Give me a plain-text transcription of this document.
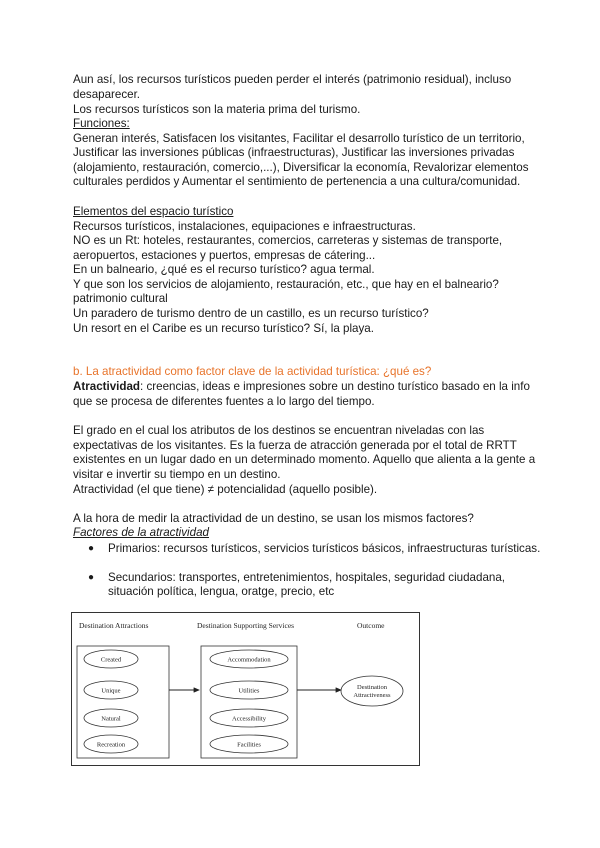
Aun así, los recursos turísticos pueden perder el interés (patrimonio residual), incluso
desaparecer.
Los recursos turísticos son la materia prima del turismo.
Funciones:
Generan interés, Satisfacen los visitantes, Facilitar el desarrollo turístico de un territorio,
Justificar las inversiones públicas (infraestructuras), Justificar las inversiones privadas
(alojamiento, restauración, comercio,...), Diversificar la economía, Revalorizar elementos
culturales perdidos y Aumentar el sentimiento de pertenencia a una cultura/comunidad.
Elementos del espacio turístico
Recursos turísticos, instalaciones, equipaciones e infraestructuras.
NO es un Rt: hoteles, restaurantes, comercios, carreteras y sistemas de transporte,
aeropuertos, estaciones y puertos, empresas de cátering...
En un balneario, ¿qué es el recurso turístico? agua termal.
Y que son los servicios de alojamiento, restauración, etc., que hay en el balneario?
patrimonio cultural
Un paradero de turismo dentro de un castillo, es un recurso turístico?
Un resort en el Caribe es un recurso turístico? Sí, la playa.
b. La atractividad como factor clave de la actividad turística: ¿qué es?
Atractividad: creencias, ideas e impresiones sobre un destino turístico basado en la info
que se procesa de diferentes fuentes a lo largo del tiempo.
El grado en el cual los atributos de los destinos se encuentran niveladas con las
expectativas de los visitantes. Es la fuerza de atracción generada por el total de RRTT
existentes en un lugar dado en un determinado momento. Aquello que alienta a la gente a
visitar e invertir su tiempo en un destino.
Atractividad (el que tiene) ≠ potencialidad (aquello posible).
A la hora de medir la atractividad de un destino, se usan los mismos factores?
Factores de la atractividad
● Primarios: recursos turísticos, servicios turísticos básicos, infraestructuras turísticas.
● Secundarios: transportes, entretenimientos, hospitales, seguridad ciudadana,
situación política, lengua, oratge, precio, etc
Destination Attractions	Destination Supporting Services	Outcome
Created
Unique
Natural
Recreation
Accommodation
Utilities
Accessibility
Facilities
Destination
Attractiveness
